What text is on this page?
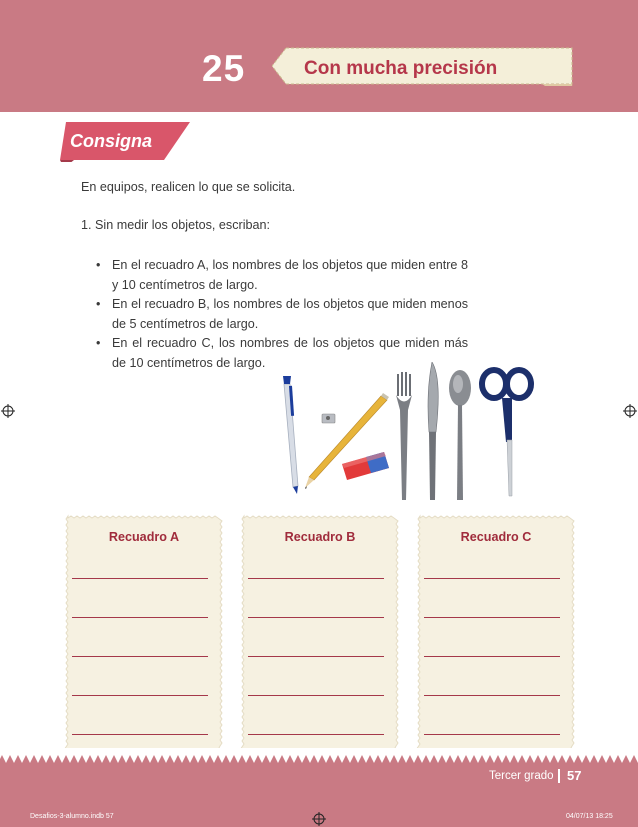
25	Con mucha precisión
Consigna
En equipos, realicen lo que se solicita.
1. Sin medir los objetos, escriban:
• En el recuadro A, los nombres de los objetos que miden entre 8 y 10 centímetros de largo.
• En el recuadro B, los nombres de los objetos que miden menos de 5 centímetros de largo.
• En el recuadro C, los nombres de los objetos que miden más de 10 centímetros de largo.
Recuadro A	Recuadro B	Recuadro C
Tercer grado 57
Desafios-3-alumno.indb 57	04/07/13 18:25
